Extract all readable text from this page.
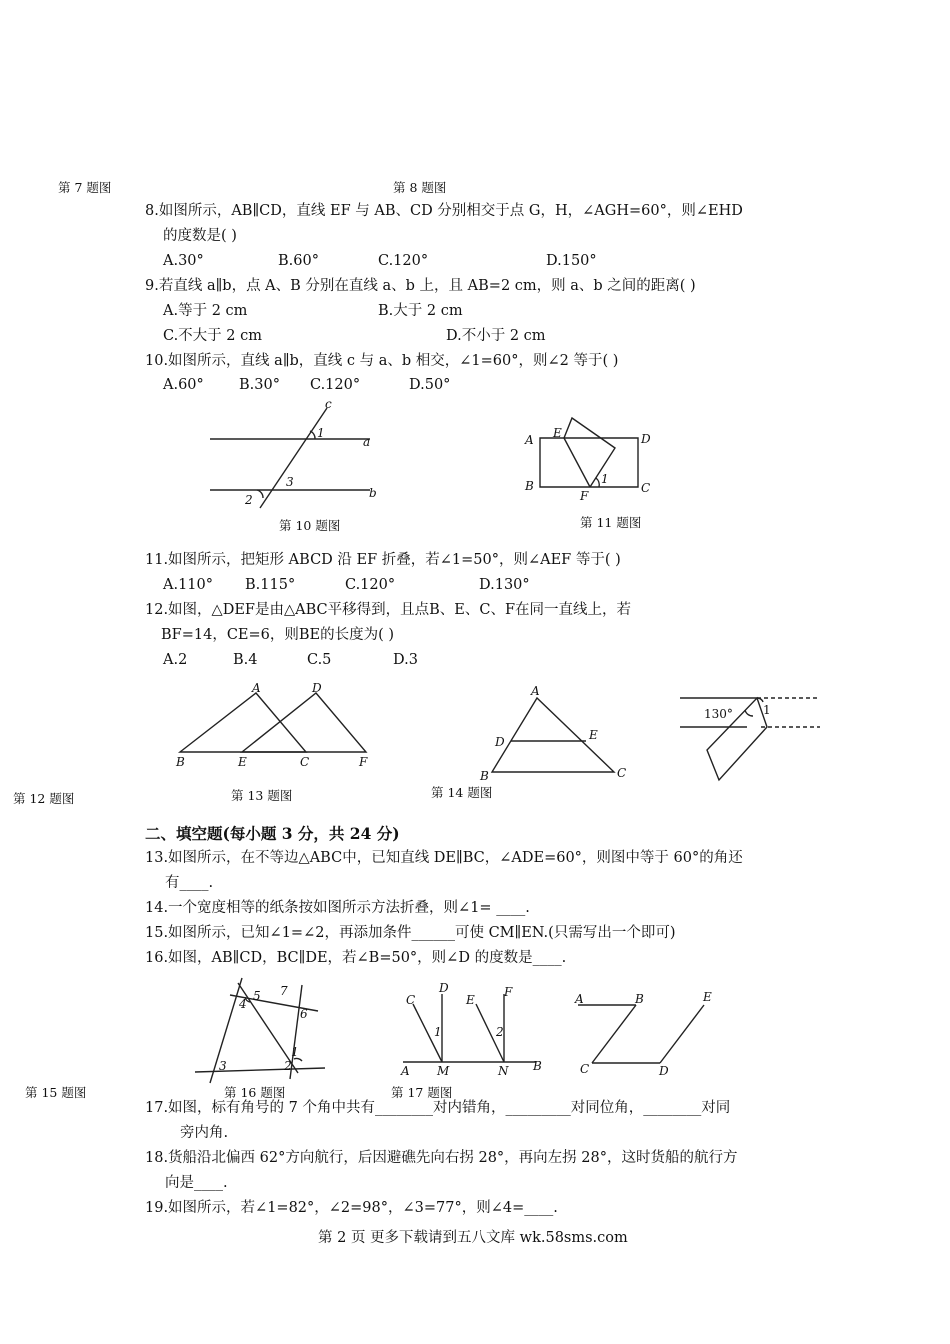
第 7 题图	第 8 题图
8.如图所示，AB∥CD，直线 EF 与 AB、CD 分别相交于点 G，H，∠AGH=60°，则∠EHD
的度数是( )
A.30°	B.60°	C.120°	D.150°
9.若直线 a∥b，点 A、B 分别在直线 a、b 上，且 AB=2 cm，则 a、b 之间的距离( )
A.等于 2 cm	B.大于 2 cm
C.不大于 2 cm	D.不小于 2 cm
10.如图所示，直线 a∥b，直线 c 与 a、b 相交，∠1=60°，则∠2 等于( )
A.60° B.30° C.120°	D.50°
c
1
a
3
2	b
第 10 题图
E
A	D
B
F
1
C
第 11 题图
11.如图所示，把矩形 ABCD 沿 EF 折叠，若∠1=50°，则∠AEF 等于( )
A.110° B.115°	C.120°	D.130°
12.如图，△DEF是由△ABC平移得到，且点B、E、C、F在同一直线上，若
BF=14，CE=6，则BE的长度为( )
A.2	B.4	C.5	D.3
A	D
B	E	C	F
A
D	E
B	C
130°	1
第 12 题图	第 13 题图	第 14 题图
二、填空题(每小题 3 分，共 24 分)
13.如图所示，在不等边△ABC中，已知直线 DE∥BC，∠ADE=60°，则图中等于 60°的角还
有____.
14.一个宽度相等的纸条按如图所示方法折叠，则∠1= ____.
15.如图所示，已知∠1=∠2，再添加条件______可使 CM∥EN.(只需写出一个即可)
16.如图，AB∥CD，BC∥DE，若∠B=50°，则∠D 的度数是____.
7
5
4
6
1
3	2
C
D
E
F
1	2
A M	N B
A	B	E
C	D
第 15 题图	第 16 题图	第 17 题图
17.如图，标有角号的 7 个角中共有________对内错角，_________对同位角，________对同
旁内角.
18.货船沿北偏西 62°方向航行，后因避礁先向右拐 28°，再向左拐 28°，这时货船的航行方
向是____.
19.如图所示，若∠1=82°，∠2=98°，∠3=77°，则∠4=____.
第 2 页 更多下载请到五八文库 wk.58sms.com
